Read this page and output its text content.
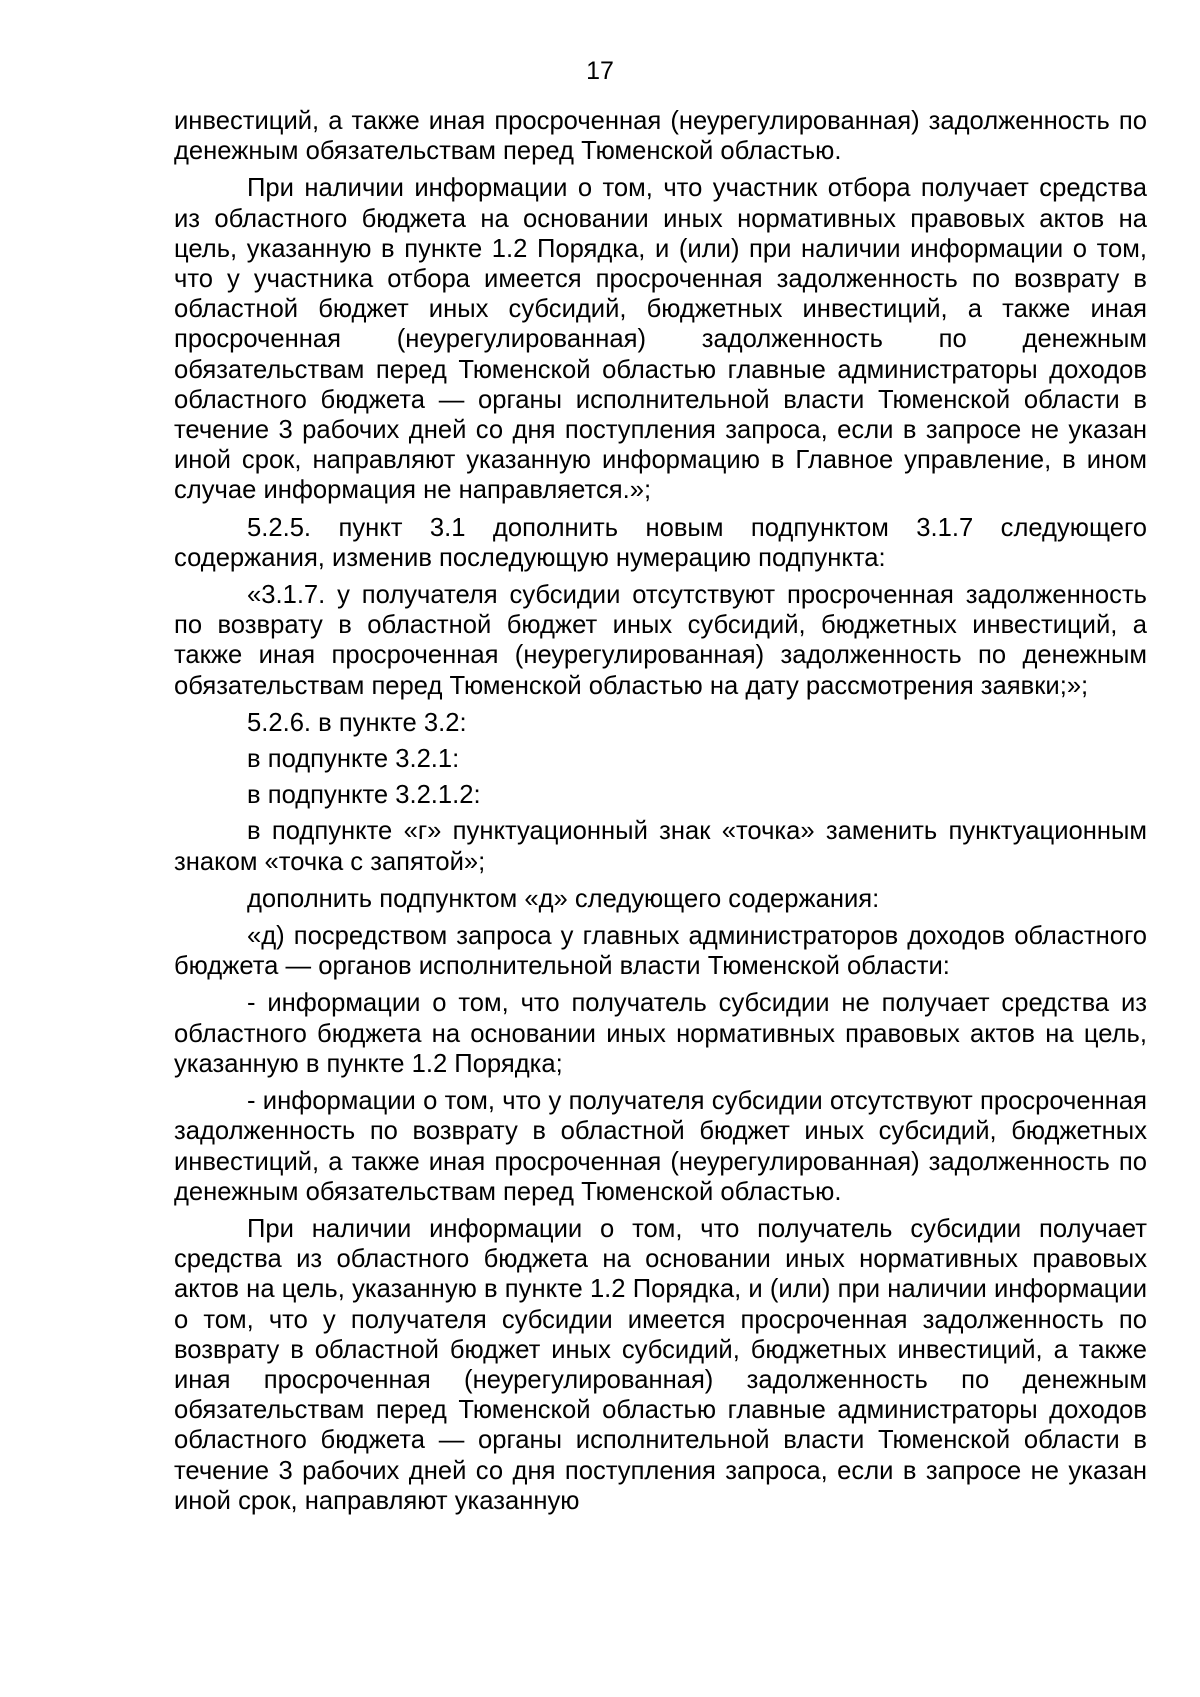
17

инвестиций, а также иная просроченная (неурегулированная) задолженность по денежным обязательствам перед Тюменской областью.

При наличии информации о том, что участник отбора получает средства из областного бюджета на основании иных нормативных правовых актов на цель, указанную в пункте 1.2 Порядка, и (или) при наличии информации о том, что у участника отбора имеется просроченная задолженность по возврату в областной бюджет иных субсидий, бюджетных инвестиций, а также иная просроченная (неурегулированная) задолженность по денежным обязательствам перед Тюменской областью главные администраторы доходов областного бюджета — органы исполнительной власти Тюменской области в течение 3 рабочих дней со дня поступления запроса, если в запросе не указан иной срок, направляют указанную информацию в Главное управление, в ином случае информация не направляется.»;

5.2.5. пункт 3.1 дополнить новым подпунктом 3.1.7 следующего содержания, изменив последующую нумерацию подпункта:

«3.1.7. у получателя субсидии отсутствуют просроченная задолженность по возврату в областной бюджет иных субсидий, бюджетных инвестиций, а также иная просроченная (неурегулированная) задолженность по денежным обязательствам перед Тюменской областью на дату рассмотрения заявки;»;

5.2.6. в пункте 3.2:

в подпункте 3.2.1:

в подпункте 3.2.1.2:

в подпункте «г» пунктуационный знак «точка» заменить пунктуационным знаком «точка с запятой»;

дополнить подпунктом «д» следующего содержания:

«д) посредством запроса у главных администраторов доходов областного бюджета — органов исполнительной власти Тюменской области:

- информации о том, что получатель субсидии не получает средства из областного бюджета на основании иных нормативных правовых актов на цель, указанную в пункте 1.2 Порядка;

- информации о том, что у получателя субсидии отсутствуют просроченная задолженность по возврату в областной бюджет иных субсидий, бюджетных инвестиций, а также иная просроченная (неурегулированная) задолженность по денежным обязательствам перед Тюменской областью.

При наличии информации о том, что получатель субсидии получает средства из областного бюджета на основании иных нормативных правовых актов на цель, указанную в пункте 1.2 Порядка, и (или) при наличии информации о том, что у получателя субсидии имеется просроченная задолженность по возврату в областной бюджет иных субсидий, бюджетных инвестиций, а также иная просроченная (неурегулированная) задолженность по денежным обязательствам перед Тюменской областью главные администраторы доходов областного бюджета — органы исполнительной власти Тюменской области в течение 3 рабочих дней со дня поступления запроса, если в запросе не указан иной срок, направляют указанную
